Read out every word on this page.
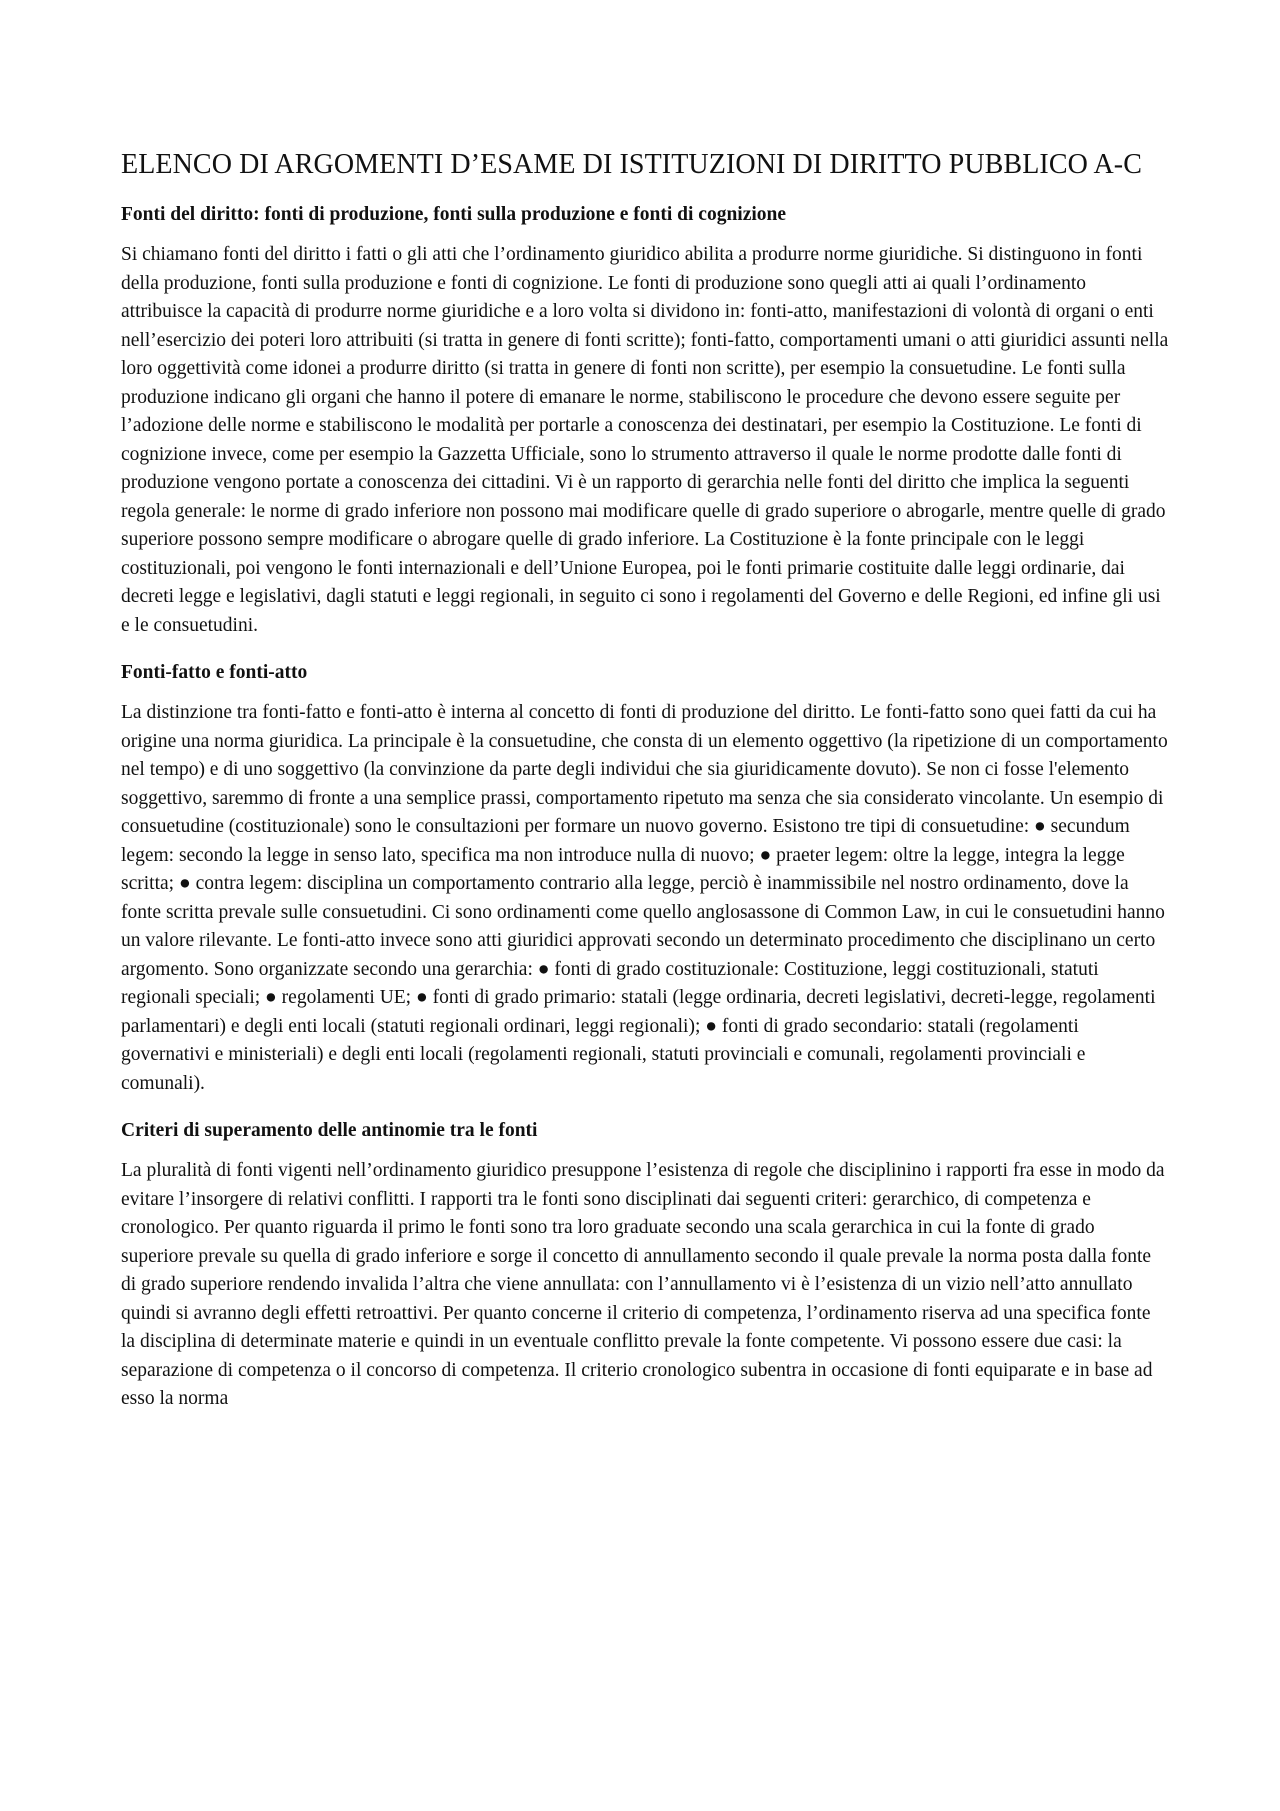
ELENCO DI ARGOMENTI D’ESAME DI ISTITUZIONI DI DIRITTO PUBBLICO A-C
Fonti del diritto: fonti di produzione, fonti sulla produzione e fonti di cognizione

Si chiamano fonti del diritto i fatti o gli atti che l’ordinamento giuridico abilita a produrre norme giuridiche. Si distinguono in fonti della produzione, fonti sulla produzione e fonti di cognizione. Le fonti di produzione sono quegli atti ai quali l’ordinamento attribuisce la capacità di produrre norme giuridiche e a loro volta si dividono in: fonti-atto, manifestazioni di volontà di organi o enti nell’esercizio dei poteri loro attribuiti (si tratta in genere di fonti scritte); fonti-fatto, comportamenti umani o atti giuridici assunti nella loro oggettività come idonei a produrre diritto (si tratta in genere di fonti non scritte), per esempio la consuetudine. Le fonti sulla produzione indicano gli organi che hanno il potere di emanare le norme, stabiliscono le procedure che devono essere seguite per l’adozione delle norme e stabiliscono le modalità per portarle a conoscenza dei destinatari, per esempio la Costituzione. Le fonti di cognizione invece, come per esempio la Gazzetta Ufficiale, sono lo strumento attraverso il quale le norme prodotte dalle fonti di produzione vengono portate a conoscenza dei cittadini. Vi è un rapporto di gerarchia nelle fonti del diritto che implica la seguenti regola generale: le norme di grado inferiore non possono mai modificare quelle di grado superiore o abrogarle, mentre quelle di grado superiore possono sempre modificare o abrogare quelle di grado inferiore. La Costituzione è la fonte principale con le leggi costituzionali, poi vengono le fonti internazionali e dell’Unione Europea, poi le fonti primarie costituite dalle leggi ordinarie, dai decreti legge e legislativi, dagli statuti e leggi regionali, in seguito ci sono i regolamenti del Governo e delle Regioni, ed infine gli usi e le consuetudini.

Fonti-fatto e fonti-atto

La distinzione tra fonti-fatto e fonti-atto è interna al concetto di fonti di produzione del diritto. Le fonti-fatto sono quei fatti da cui ha origine una norma giuridica. La principale è la consuetudine, che consta di un elemento oggettivo (la ripetizione di un comportamento nel tempo) e di uno soggettivo (la convinzione da parte degli individui che sia giuridicamente dovuto). Se non ci fosse l'elemento soggettivo, saremmo di fronte a una semplice prassi, comportamento ripetuto ma senza che sia considerato vincolante. Un esempio di consuetudine (costituzionale) sono le consultazioni per formare un nuovo governo. Esistono tre tipi di consuetudine: ● secundum legem: secondo la legge in senso lato, specifica ma non introduce nulla di nuovo; ● praeter legem: oltre la legge, integra la legge scritta; ● contra legem: disciplina un comportamento contrario alla legge, perciò è inammissibile nel nostro ordinamento, dove la fonte scritta prevale sulle consuetudini. Ci sono ordinamenti come quello anglosassone di Common Law, in cui le consuetudini hanno un valore rilevante. Le fonti-atto invece sono atti giuridici approvati secondo un determinato procedimento che disciplinano un certo argomento. Sono organizzate secondo una gerarchia: ● fonti di grado costituzionale: Costituzione, leggi costituzionali, statuti regionali speciali; ● regolamenti UE; ● fonti di grado primario: statali (legge ordinaria, decreti legislativi, decreti-legge, regolamenti parlamentari) e degli enti locali (statuti regionali ordinari, leggi regionali); ● fonti di grado secondario: statali (regolamenti governativi e ministeriali) e degli enti locali (regolamenti regionali, statuti provinciali e comunali, regolamenti provinciali e comunali).

Criteri di superamento delle antinomie tra le fonti

La pluralità di fonti vigenti nell’ordinamento giuridico presuppone l’esistenza di regole che disciplinino i rapporti fra esse in modo da evitare l’insorgere di relativi conflitti. I rapporti tra le fonti sono disciplinati dai seguenti criteri: gerarchico, di competenza e cronologico. Per quanto riguarda il primo le fonti sono tra loro graduate secondo una scala gerarchica in cui la fonte di grado superiore prevale su quella di grado inferiore e sorge il concetto di annullamento secondo il quale prevale la norma posta dalla fonte di grado superiore rendendo invalida l’altra che viene annullata: con l’annullamento vi è l’esistenza di un vizio nell’atto annullato quindi si avranno degli effetti retroattivi. Per quanto concerne il criterio di competenza, l’ordinamento riserva ad una specifica fonte la disciplina di determinate materie e quindi in un eventuale conflitto prevale la fonte competente. Vi possono essere due casi: la separazione di competenza o il concorso di competenza. Il criterio cronologico subentra in occasione di fonti equiparate e in base ad esso la norma
